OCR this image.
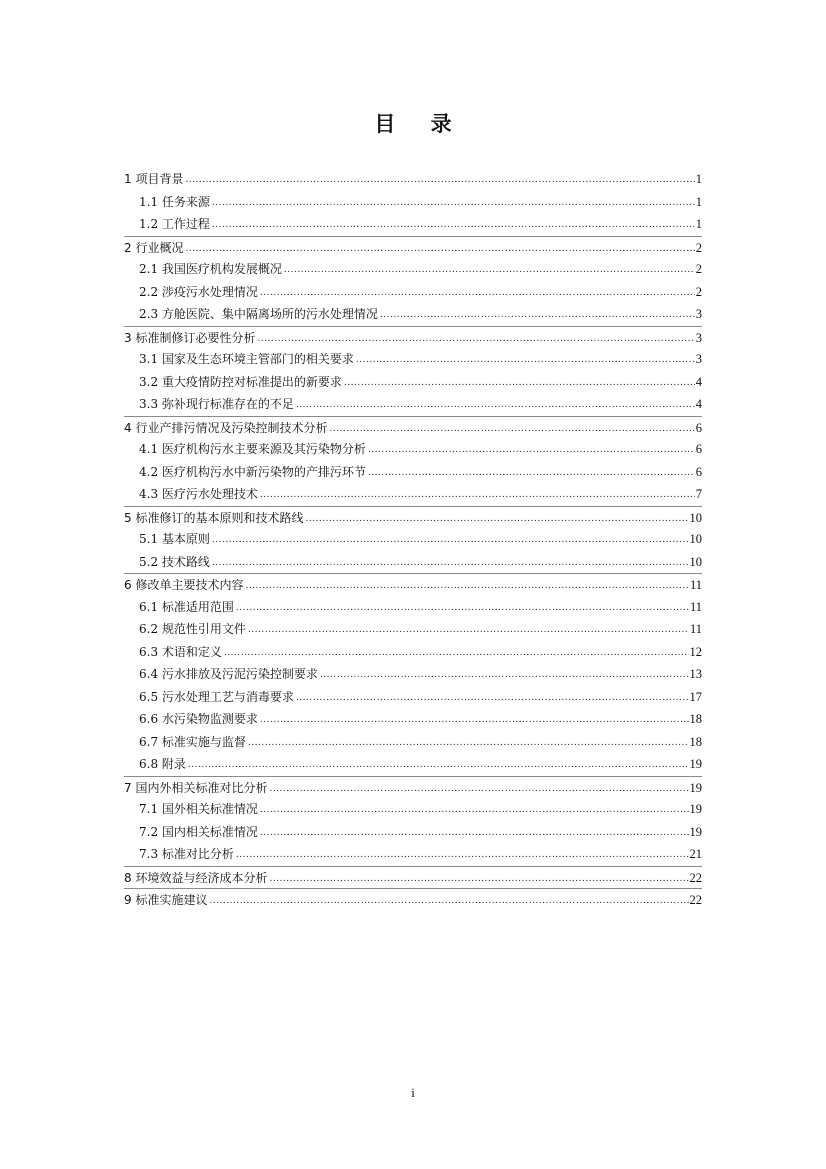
目 录
1 项目背景 .....	1
1.1 任务来源 .....	1
1.2 工作过程 .....	1
2 行业概况 .....	2
2.1 我国医疗机构发展概况 .....	2
2.2 涉疫污水处理情况 .....	2
2.3 方舱医院、集中隔离场所的污水处理情况 .....	3
3 标准制修订必要性分析 .....	3
3.1 国家及生态环境主管部门的相关要求 .....	3
3.2 重大疫情防控对标准提出的新要求 .....	4
3.3 弥补现行标准存在的不足 .....	4
4 行业产排污情况及污染控制技术分析 .....	6
4.1 医疗机构污水主要来源及其污染物分析 .....	6
4.2 医疗机构污水中新污染物的产排污环节 .....	6
4.3 医疗污水处理技术 .....	7
5 标准修订的基本原则和技术路线 .....	10
5.1 基本原则 .....	10
5.2 技术路线 .....	10
6 修改单主要技术内容 .....	11
6.1 标准适用范围 .....	11
6.2 规范性引用文件 .....	11
6.3 术语和定义 .....	12
6.4 污水排放及污泥污染控制要求 .....	13
6.5 污水处理工艺与消毒要求 .....	17
6.6 水污染物监测要求 .....	18
6.7 标准实施与监督 .....	18
6.8 附录 .....	19
7 国内外相关标准对比分析 .....	19
7.1 国外相关标准情况 .....	19
7.2 国内相关标准情况 .....	19
7.3 标准对比分析 .....	21
8 环境效益与经济成本分析 .....	22
9 标准实施建议 .....	22
i
